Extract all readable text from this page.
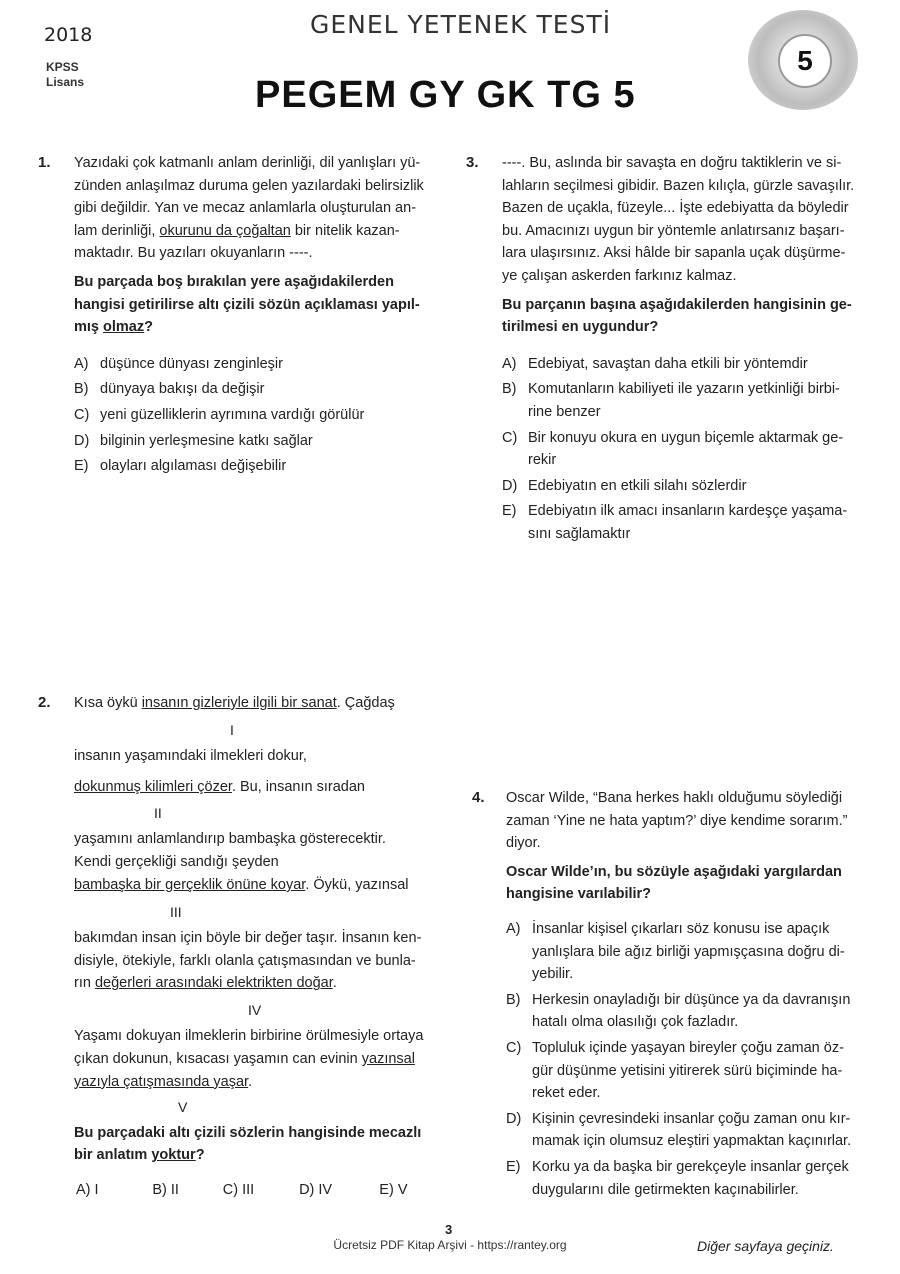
2018
KPSS
Lisans
GENEL YETENEK TESTİ
PEGEM GY GK TG 5
5
1. Yazıdaki çok katmanlı anlam derinliği, dil yanlışları yü-
zünden anlaşılmaz duruma gelen yazılardaki belirsizlik
gibi değildir. Yan ve mecaz anlamlarla oluşturulan an-
lam derinliği, okurunu da çoğaltan bir nitelik kazan-
maktadır. Bu yazıları okuyanların ----.
Bu parçada boş bırakılan yere aşağıdakilerden
hangisi getirilirse altı çizili sözün açıklaması yapıl-
mış olmaz?
A) düşünce dünyası zenginleşir
B) dünyaya bakışı da değişir
C) yeni güzelliklerin ayrımına vardığı görülür
D) bilginin yerleşmesine katkı sağlar
E) olayları algılaması değişebilir
3. ----. Bu, aslında bir savaşta en doğru taktiklerin ve si-
lahların seçilmesi gibidir. Bazen kılıçla, gürzle savaşılır.
Bazen de uçakla, füzeyle... İşte edebiyatta da böyledir
bu. Amacınızı uygun bir yöntemle anlatırsanız başarı-
lara ulaşırsınız. Aksi hâlde bir sapanla uçak düşürme-
ye çalışan askerden farkınız kalmaz.
Bu parçanın başına aşağıdakilerden hangisinin ge-
tirilmesi en uygundur?
A) Edebiyat, savaştan daha etkili bir yöntemdir
B) Komutanların kabiliyeti ile yazarın yetkinliği birbi-
rine benzer
C) Bir konuyu okura en uygun biçemle aktarmak ge-
rekir
D) Edebiyatın en etkili silahı sözlerdir
E) Edebiyatın ilk amacı insanların kardeşçe yaşama-
sını sağlamaktır
2. Kısa öykü insanın gizleriyle ilgili bir sanat. Çağdaş
I
insanın yaşamındaki ilmekleri dokur,
dokunmuş kilimleri çözer. Bu, insanın sıradan
II
yaşamını anlamlandırıp bambaşka gösterecektir.
Kendi gerçekliği sandığı şeyden
bambaşka bir gerçeklik önüne koyar. Öykü, yazınsal
III
bakımdan insan için böyle bir değer taşır. İnsanın ken-
disiyle, ötekiyle, farklı olanla çatışmasından ve bunla-
rın değerleri arasındaki elektrikten doğar.
IV
Yaşamı dokuyan ilmeklerin birbirine örülmesiyle ortaya
çıkan dokunun, kısacası yaşamın can evinin yazınsal
yazıyla çatışmasında yaşar.
V
Bu parçadaki altı çizili sözlerin hangisinde mecazlı
bir anlatım yoktur?
A) I	B) II	C) III	D) IV	E) V
4. Oscar Wilde, “Bana herkes haklı olduğumu söylediği
zaman ‘Yine ne hata yaptım?’ diye kendime sorarım.”
diyor.
Oscar Wilde’ın, bu sözüyle aşağıdaki yargılardan
hangisine varılabilir?
A) İnsanlar kişisel çıkarları söz konusu ise apaçık
yanlışlara bile ağız birliği yapmışçasına doğru di-
yebilir.
B) Herkesin onayladığı bir düşünce ya da davranışın
hatalı olma olasılığı çok fazladır.
C) Topluluk içinde yaşayan bireyler çoğu zaman öz-
gür düşünme yetisini yitirerek sürü biçiminde ha-
reket eder.
D) Kişinin çevresindeki insanlar çoğu zaman onu kır-
mamak için olumsuz eleştiri yapmaktan kaçınırlar.
E) Korku ya da başka bir gerekçeyle insanlar gerçek
duygularını dile getirmekten kaçınabilirler.
3
Ücretsiz PDF Kitap Arşivi - https://rantey.org	Diğer sayfaya geçiniz.
